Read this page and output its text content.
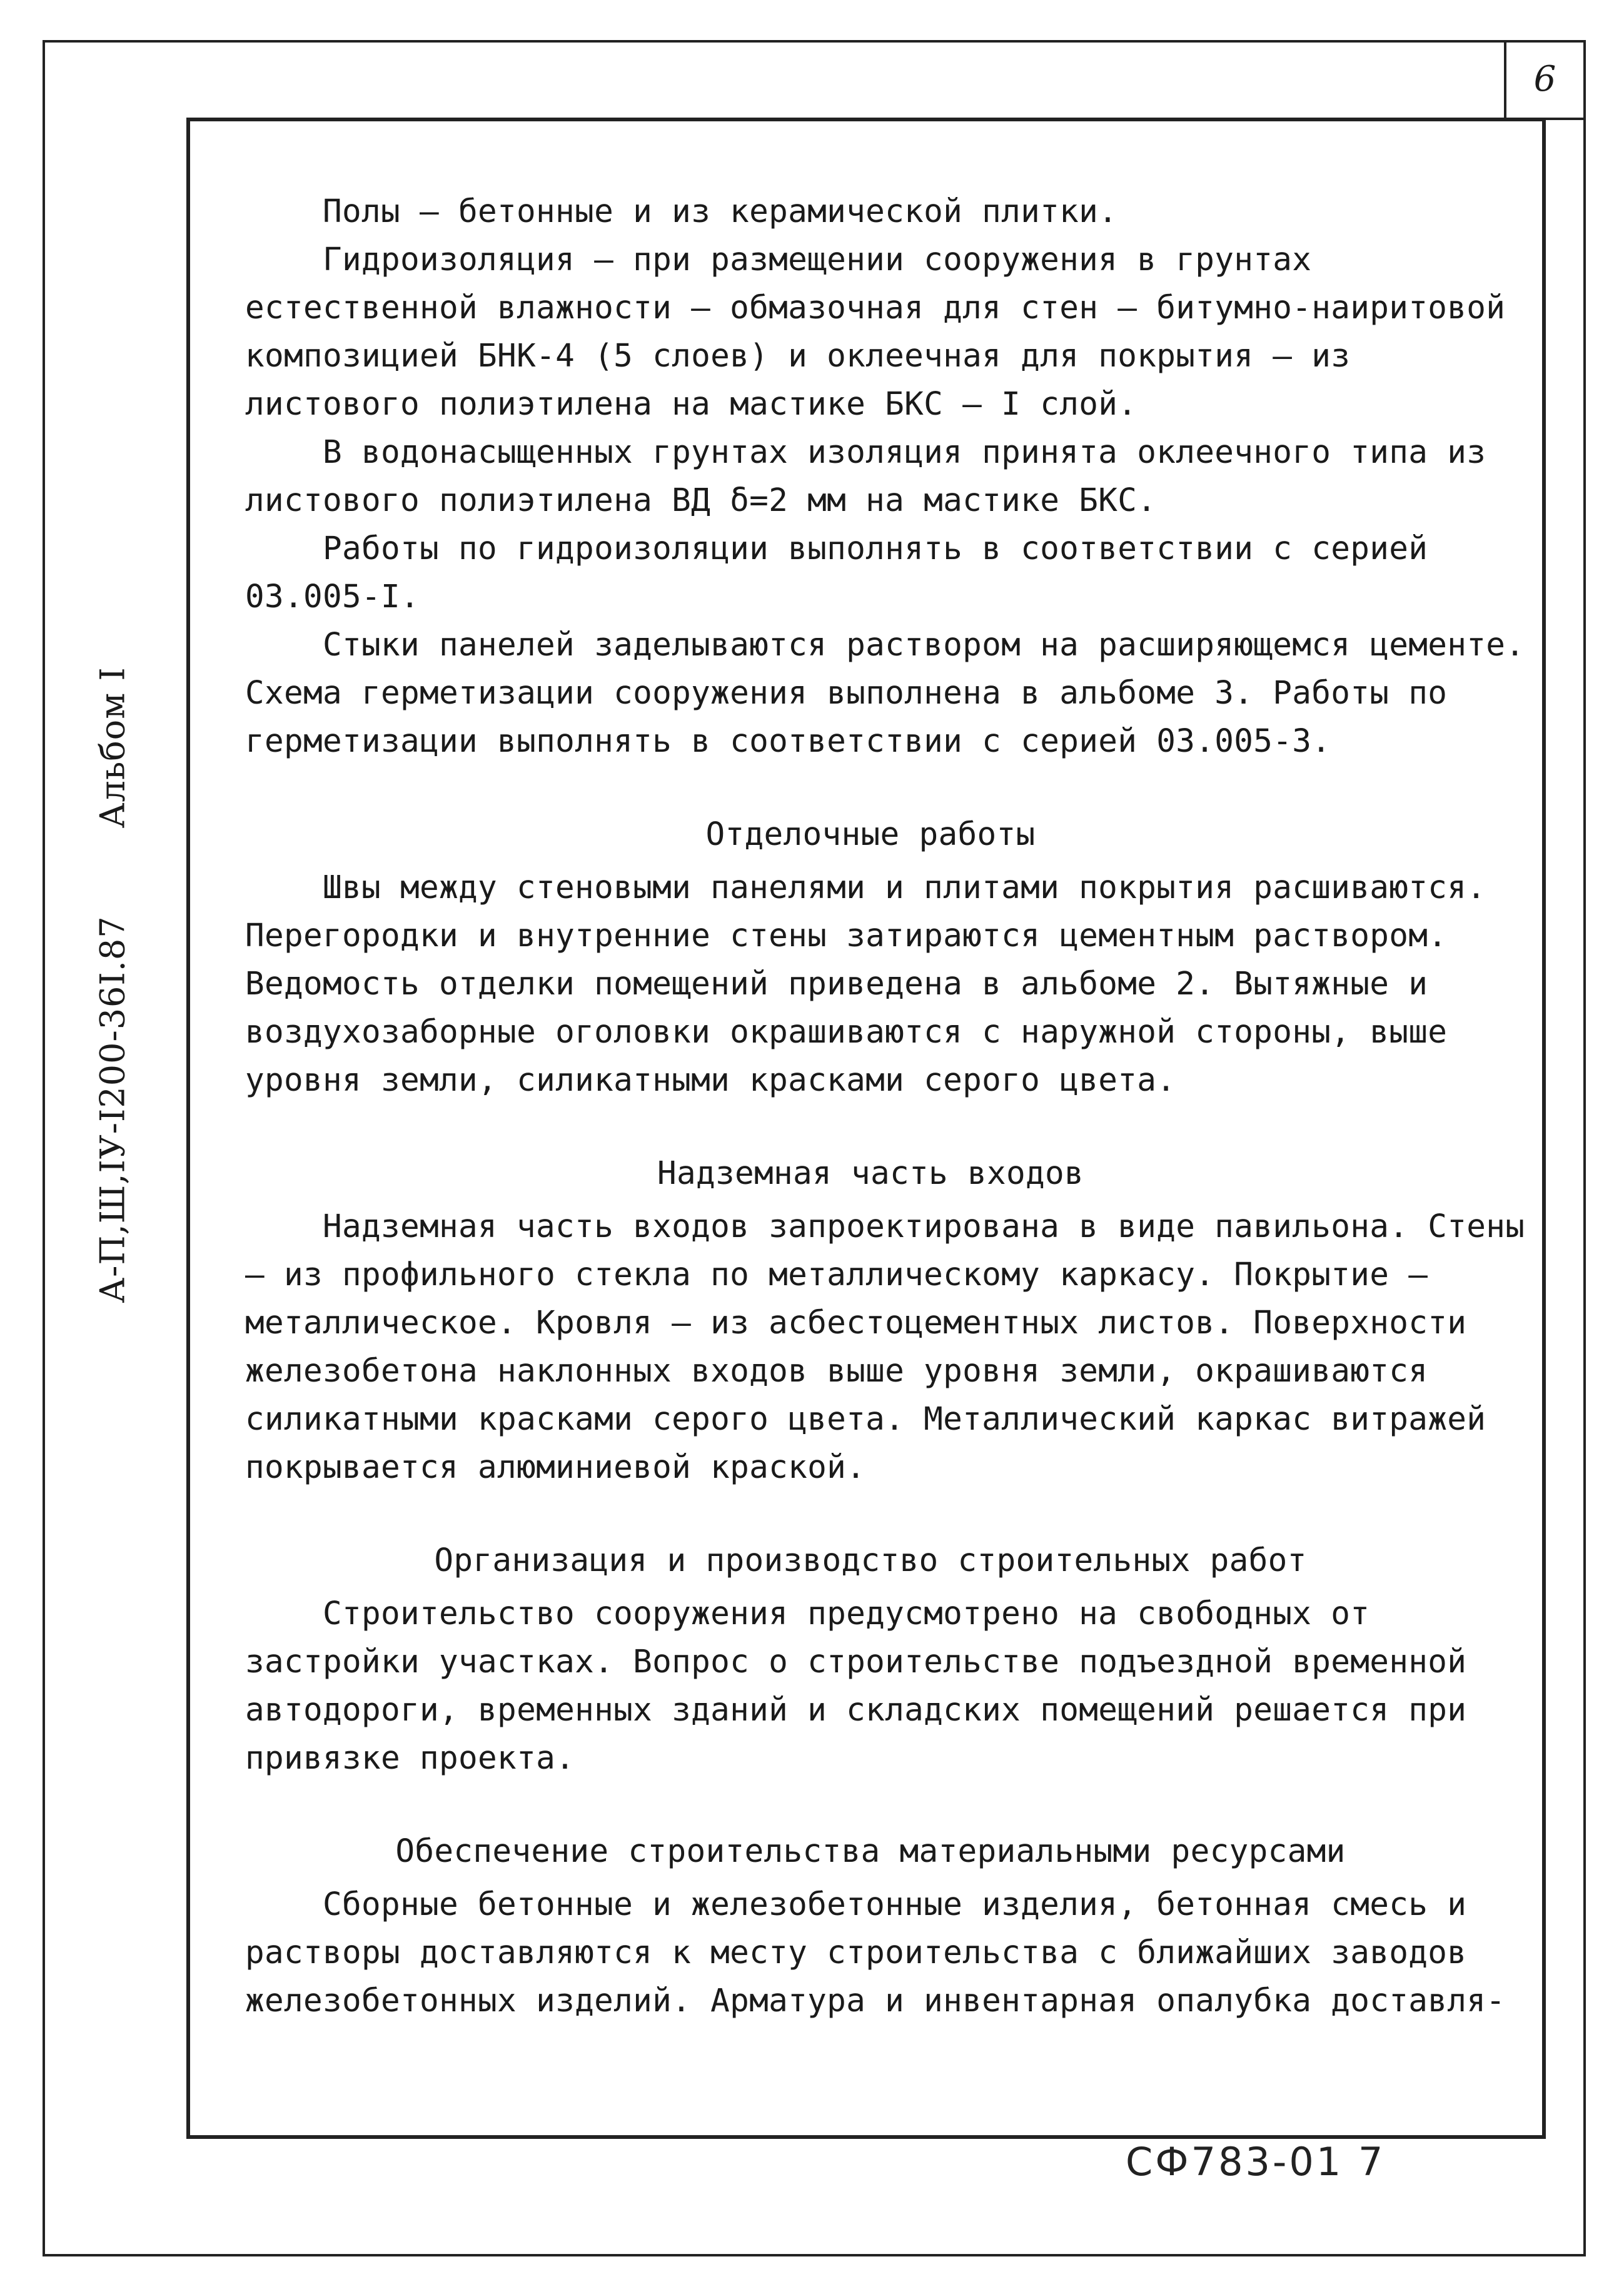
6
А-П,Ш,IУ-I200-36I.87Альбом I

Полы – бетонные и из керамической плитки.

Гидроизоляция – при размещении сооружения в грунтах естественной влажности – обмазочная для стен – битумно-наиритовой композицией БНК-4 (5 слоев) и оклеечная для покрытия – из листового полиэтилена на мастике БКС – I слой.

В водонасыщенных грунтах изоляция принята оклеечного типа из листового полиэтилена ВД δ=2 мм на мастике БКС.

Работы по гидроизоляции выполнять в соответствии с серией 03.005-I.

Стыки панелей заделываются раствором на расширяющемся цементе. Схема герметизации сооружения выполнена в альбоме 3. Работы по герметизации выполнять в соответствии с серией 03.005-3.

Отделочные работы

Швы между стеновыми панелями и плитами покрытия расшиваются. Перегородки и внутренние стены затираются цементным раствором. Ведомость отделки помещений приведена в альбоме 2. Вытяжные и воздухозаборные оголовки окрашиваются с наружной стороны, выше уровня земли, силикатными красками серого цвета.

Надземная часть входов

Надземная часть входов запроектирована в виде павильона. Стены – из профильного стекла по металлическому каркасу. Покрытие – металлическое. Кровля – из асбестоцементных листов. Поверхности железобетона наклонных входов выше уровня земли, окрашиваются силикатными красками серого цвета. Металлический каркас витражей покрывается алюминиевой краской.

Организация и производство строительных работ

Строительство сооружения предусмотрено на свободных от застройки участках. Вопрос о строительстве подъездной временной автодороги, временных зданий и складских помещений решается при привязке проекта.

Обеспечение строительства материальными ресурсами

Сборные бетонные и железобетонные изделия, бетонная смесь и растворы доставляются к месту строительства с ближайших заводов железобетонных изделий. Арматура и инвентарная опалубка доставля-

СФ783-01 7
